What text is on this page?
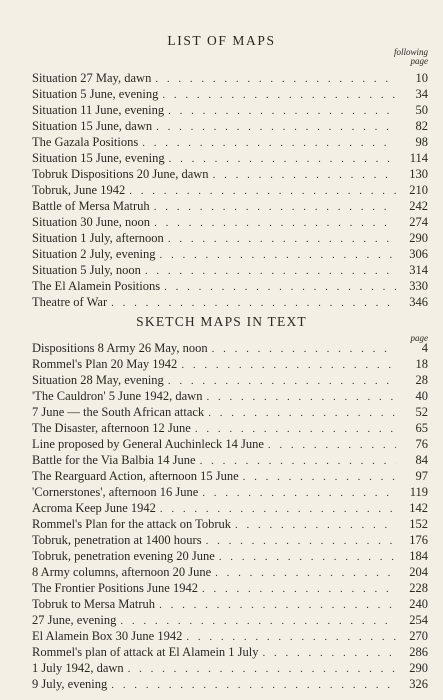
LIST OF MAPS
following
page
Situation 27 May, dawn . . .	10
Situation 5 June, evening . . .	34
Situation 11 June, evening . . .	50
Situation 15 June, dawn . . .	82
The Gazala Positions . . .	98
Situation 15 June, evening . . .	114
Tobruk Dispositions 20 June, dawn . . .	130
Tobruk, June 1942 . . .	210
Battle of Mersa Matruh . . .	242
Situation 30 June, noon . . .	274
Situation 1 July, afternoon . . .	290
Situation 2 July, evening . . .	306
Situation 5 July, noon . . .	314
The El Alamein Positions . . .	330
Theatre of War . . .	346
SKETCH MAPS IN TEXT
page
Dispositions 8 Army 26 May, noon . . .	4
Rommel's Plan 20 May 1942 . . .	18
Situation 28 May, evening . . .	28
'The Cauldron' 5 June 1942, dawn . . .	40
7 June — the South African attack . . .	52
The Disaster, afternoon 12 June . . .	65
Line proposed by General Auchinleck 14 June . . .	76
Battle for the Via Balbia 14 June . . .	84
The Rearguard Action, afternoon 15 June . . .	97
'Cornerstones', afternoon 16 June . . .	119
Acroma Keep June 1942 . . .	142
Rommel's Plan for the attack on Tobruk . . .	152
Tobruk, penetration at 1400 hours . . .	176
Tobruk, penetration evening 20 June . . .	184
8 Army columns, afternoon 20 June . . .	204
The Frontier Positions June 1942 . . .	228
Tobruk to Mersa Matruh . . .	240
27 June, evening . . .	254
El Alamein Box 30 June 1942 . . .	270
Rommel's plan of attack at El Alamein 1 July . . .	286
1 July 1942, dawn . . .	290
9 July, evening . . .	326
